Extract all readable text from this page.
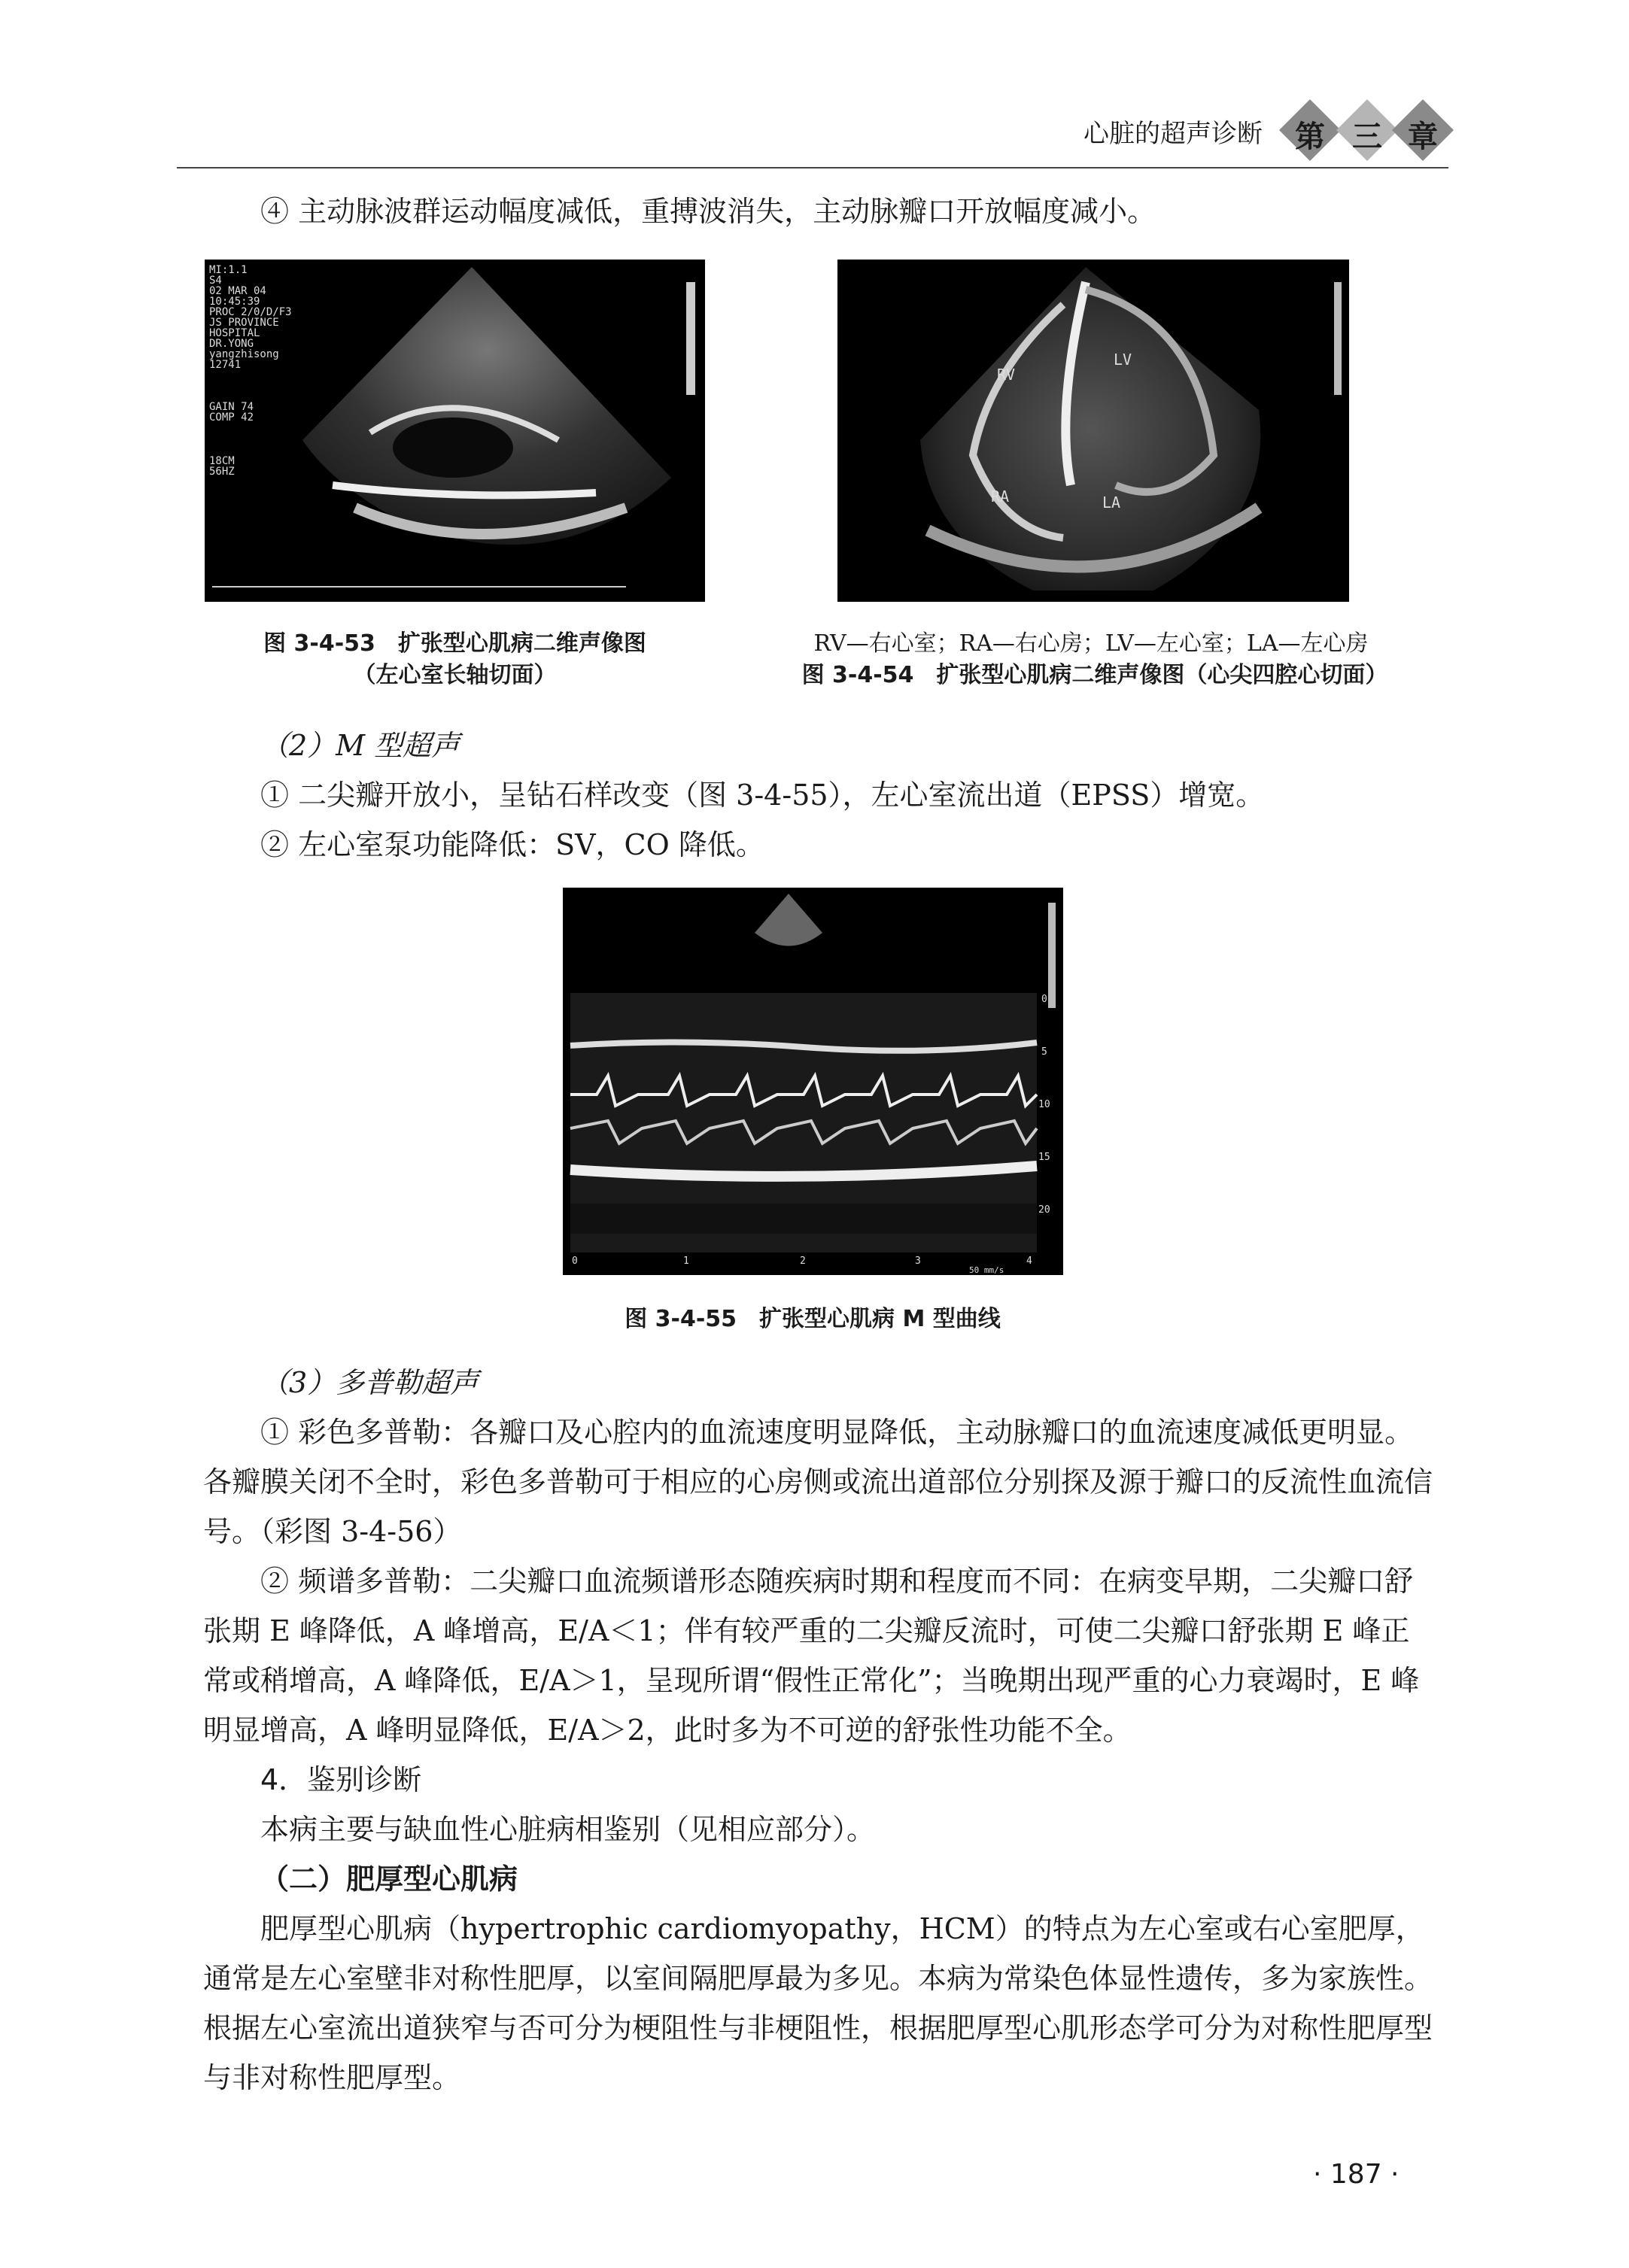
心脏的超声诊断 第 三 章
④ 主动脉波群运动幅度减低，重搏波消失，主动脉瓣口开放幅度减小。
MI:1.1
S4
02 MAR 04
10:45:39
PROC 2/0/D/F3
JS PROVINCE
HOSPITAL
DR.YONG
yangzhisong
12741
GAIN 74
COMP 42
18CM
56HZ
图 3-4-53　扩张型心肌病二维声像图
（左心室长轴切面）
RV
LV
RA	LA
RV—右心室；RA—右心房；LV—左心室；LA—左心房
图 3-4-54　扩张型心肌病二维声像图（心尖四腔心切面）
（2）M 型超声
① 二尖瓣开放小，呈钻石样改变（图 3-4-55），左心室流出道（EPSS）增宽。
② 左心室泵功能降低：SV，CO 降低。
0
5
10
15
20
0	1	2	3	4
50 mm/s
图 3-4-55　扩张型心肌病 M 型曲线
（3）多普勒超声
① 彩色多普勒：各瓣口及心腔内的血流速度明显降低，主动脉瓣口的血流速度减低更明显。各瓣膜关闭不全时，彩色多普勒可于相应的心房侧或流出道部位分别探及源于瓣口的反流性血流信号。（彩图 3-4-56）
② 频谱多普勒：二尖瓣口血流频谱形态随疾病时期和程度而不同：在病变早期，二尖瓣口舒张期 E 峰降低，A 峰增高，E/A＜1；伴有较严重的二尖瓣反流时，可使二尖瓣口舒张期 E 峰正常或稍增高，A 峰降低，E/A＞1，呈现所谓“假性正常化”；当晚期出现严重的心力衰竭时，E 峰明显增高，A 峰明显降低，E/A＞2，此时多为不可逆的舒张性功能不全。
4．鉴别诊断
本病主要与缺血性心脏病相鉴别（见相应部分）。
（二）肥厚型心肌病
肥厚型心肌病（hypertrophic cardiomyopathy，HCM）的特点为左心室或右心室肥厚，通常是左心室壁非对称性肥厚，以室间隔肥厚最为多见。本病为常染色体显性遗传，多为家族性。根据左心室流出道狭窄与否可分为梗阻性与非梗阻性，根据肥厚型心肌形态学可分为对称性肥厚型与非对称性肥厚型。
· 187 ·
